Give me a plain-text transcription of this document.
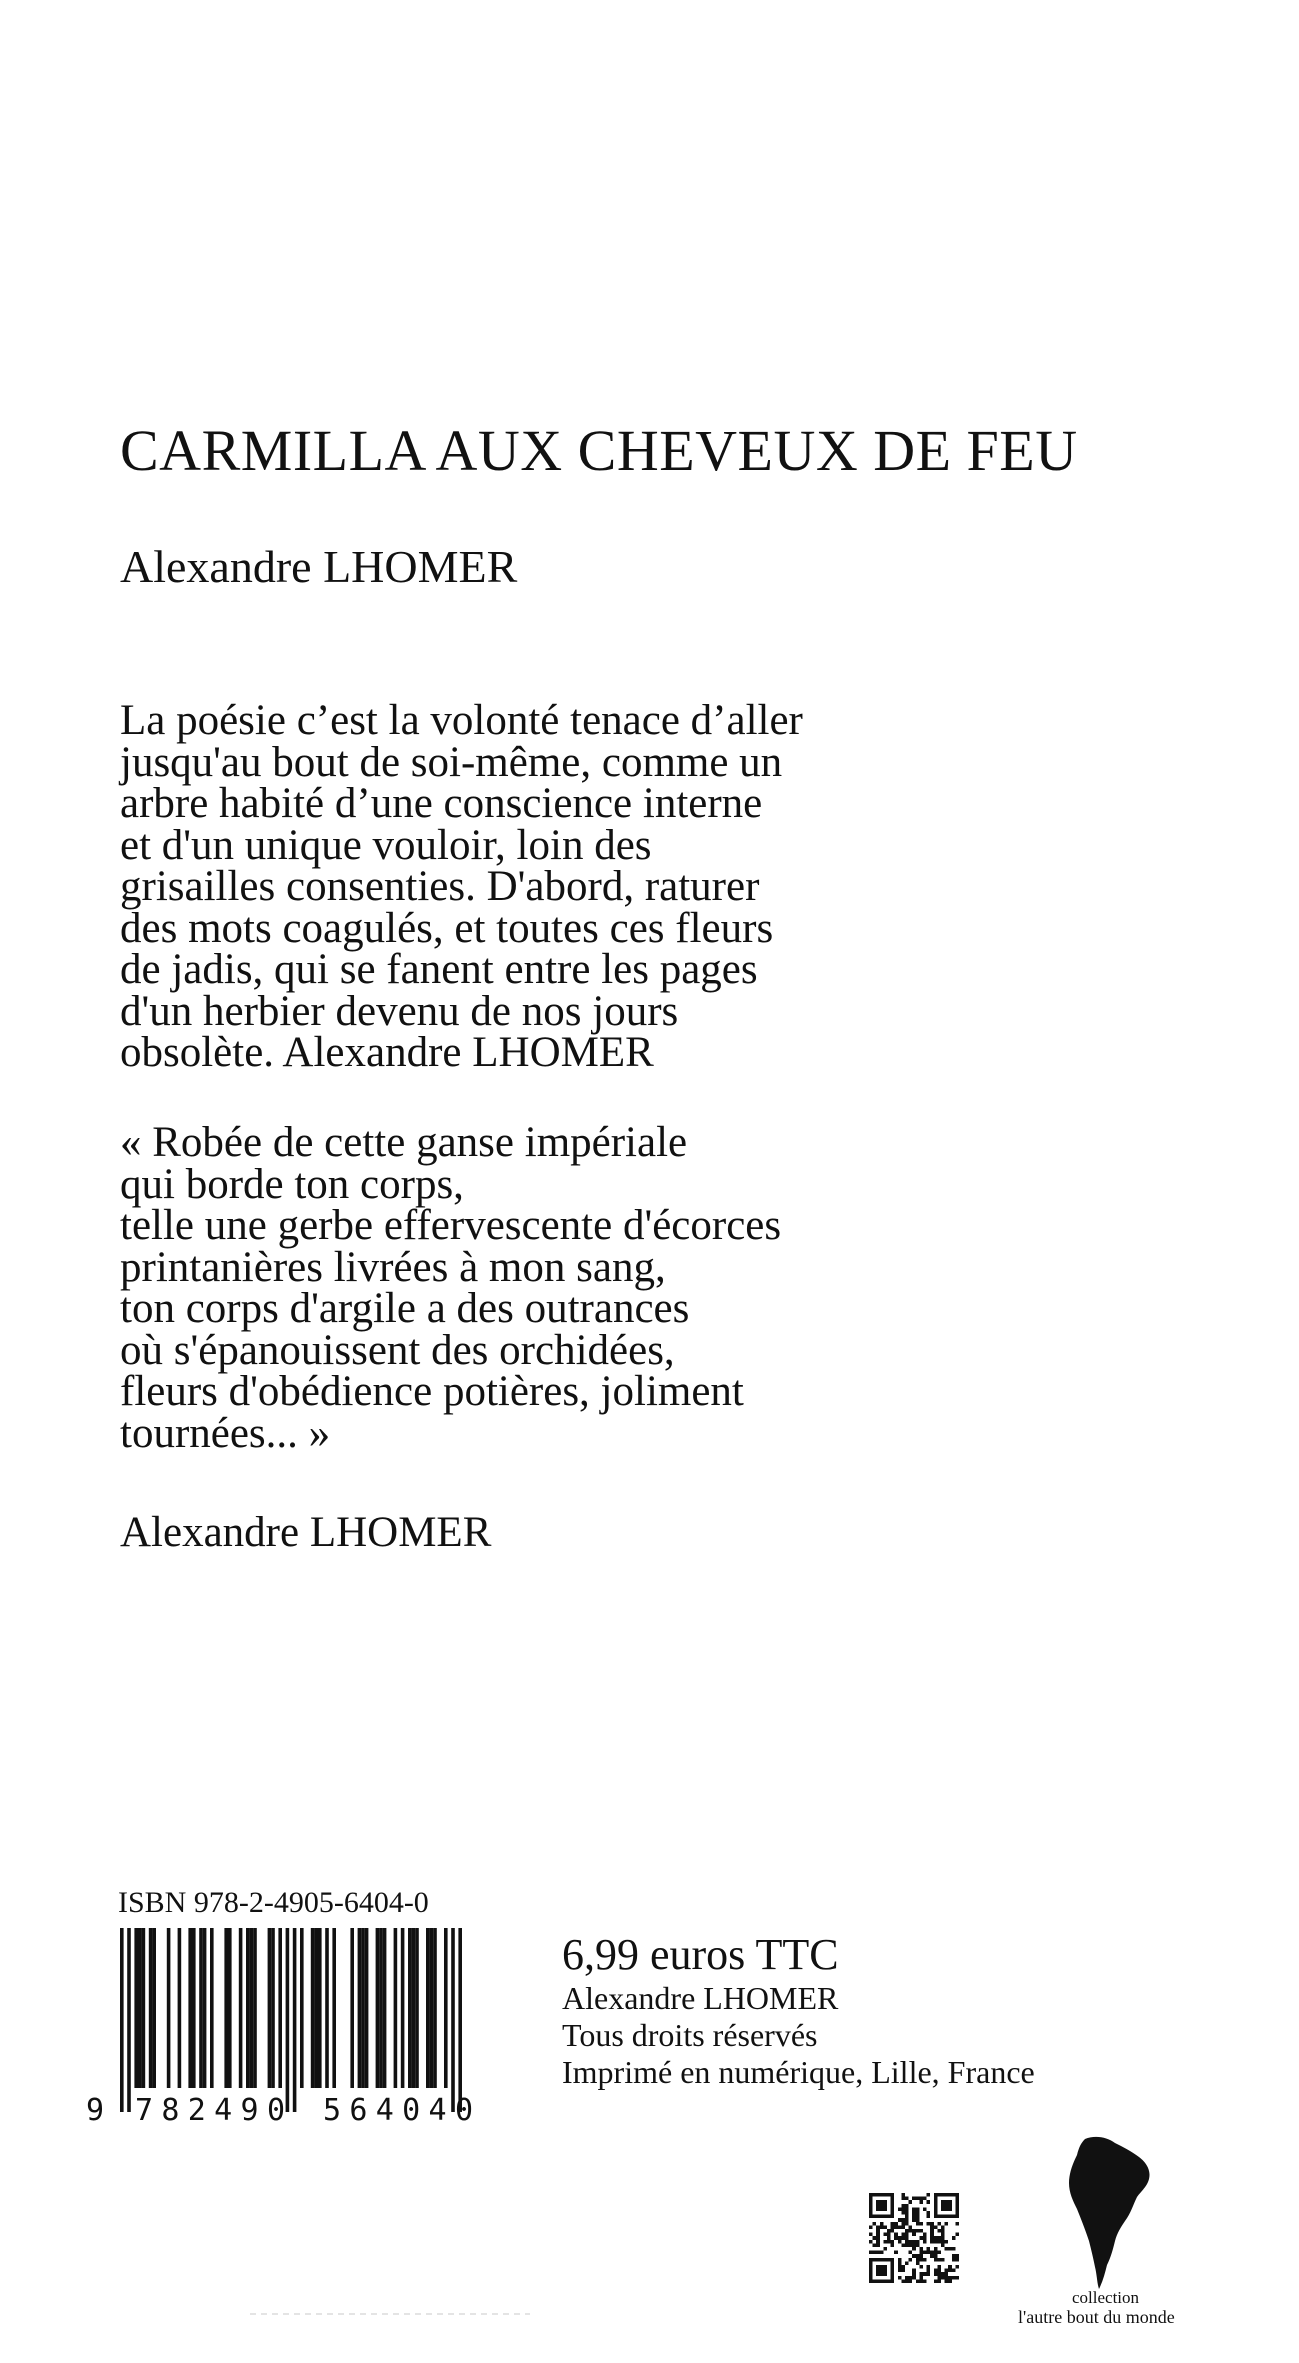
CARMILLA AUX CHEVEUX DE FEU
Alexandre LHOMER
La poésie c’est la volonté tenace d’aller
jusqu'au bout de soi-même, comme un
arbre habité d’une conscience interne
et d'un unique vouloir, loin des
grisailles consenties. D'abord, raturer
des mots coagulés, et toutes ces fleurs
de jadis, qui se fanent entre les pages
d'un herbier devenu de nos jours
obsolète. Alexandre LHOMER
« Robée de cette ganse impériale
qui borde ton corps,
telle une gerbe effervescente d'écorces
printanières livrées à mon sang,
ton corps d'argile a des outrances
où s'épanouissent des orchidées,
fleurs d'obédience potières, joliment
tournées... »
Alexandre LHOMER
ISBN 978-2-4905-6404-0
9 782490 564040
6,99 euros TTC
Alexandre LHOMER
Tous droits réservés
Imprimé en numérique, Lille, France
collection
l'autre bout du monde
